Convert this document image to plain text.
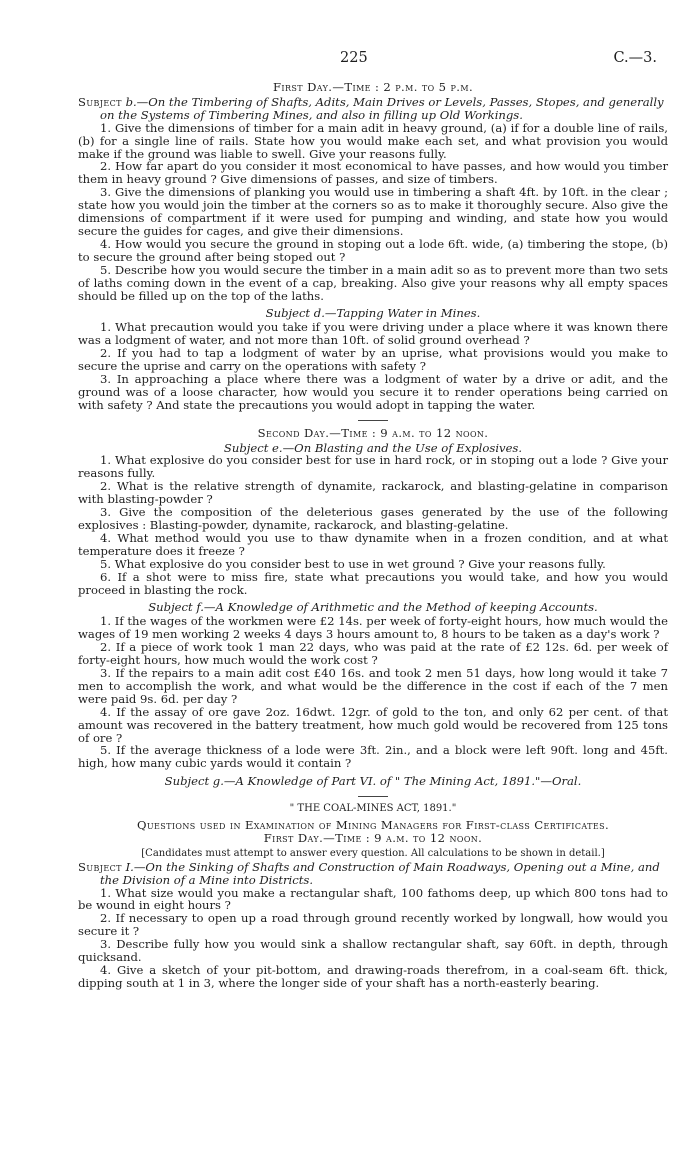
225	C.—3.

First Day.—Time : 2 p.m. to 5 p.m.

Subject b.—On the Timbering of Shafts, Adits, Main Drives or Levels, Passes, Stopes, and generally on the Systems of Timbering Mines, and also in filling up Old Workings.

1. Give the dimensions of timber for a main adit in heavy ground, (a) if for a double line of rails, (b) for a single line of rails. State how you would make each set, and what provision you would make if the ground was liable to swell. Give your reasons fully.

2. How far apart do you consider it most economical to have passes, and how would you timber them in heavy ground ? Give dimensions of passes, and size of timbers.

3. Give the dimensions of planking you would use in timbering a shaft 4ft. by 10ft. in the clear ; state how you would join the timber at the corners so as to make it thoroughly secure. Also give the dimensions of compartment if it were used for pumping and winding, and state how you would secure the guides for cages, and give their dimensions.

4. How would you secure the ground in stoping out a lode 6ft. wide, (a) timbering the stope, (b) to secure the ground after being stoped out ?

5. Describe how you would secure the timber in a main adit so as to prevent more than two sets of laths coming down in the event of a cap, breaking. Also give your reasons why all empty spaces should be filled up on the top of the laths.

Subject d.—Tapping Water in Mines.

1. What precaution would you take if you were driving under a place where it was known there was a lodgment of water, and not more than 10ft. of solid ground overhead ?

2. If you had to tap a lodgment of water by an uprise, what provisions would you make to secure the uprise and carry on the operations with safety ?

3. In approaching a place where there was a lodgment of water by a drive or adit, and the ground was of a loose character, how would you secure it to render operations being carried on with safety ? And state the precautions you would adopt in tapping the water.

Second Day.—Time : 9 a.m. to 12 noon.

Subject e.—On Blasting and the Use of Explosives.

1. What explosive do you consider best for use in hard rock, or in stoping out a lode ? Give your reasons fully.

2. What is the relative strength of dynamite, rackarock, and blasting-gelatine in comparison with blasting-powder ?

3. Give the composition of the deleterious gases generated by the use of the following explosives : Blasting-powder, dynamite, rackarock, and blasting-gelatine.

4. What method would you use to thaw dynamite when in a frozen condition, and at what temperature does it freeze ?

5. What explosive do you consider best to use in wet ground ? Give your reasons fully.

6. If a shot were to miss fire, state what precautions you would take, and how you would proceed in blasting the rock.

Subject f.—A Knowledge of Arithmetic and the Method of keeping Accounts.

1. If the wages of the workmen were £2 14s. per week of forty-eight hours, how much would the wages of 19 men working 2 weeks 4 days 3 hours amount to, 8 hours to be taken as a day's work ?

2. If a piece of work took 1 man 22 days, who was paid at the rate of £2 12s. 6d. per week of forty-eight hours, how much would the work cost ?

3. If the repairs to a main adit cost £40 16s. and took 2 men 51 days, how long would it take 7 men to accomplish the work, and what would be the difference in the cost if each of the 7 men were paid 9s. 6d. per day ?

4. If the assay of ore gave 2oz. 16dwt. 12gr. of gold to the ton, and only 62 per cent. of that amount was recovered in the battery treatment, how much gold would be recovered from 125 tons of ore ?

5. If the average thickness of a lode were 3ft. 2in., and a block were left 90ft. long and 45ft. high, how many cubic yards would it contain ?

Subject g.—A Knowledge of Part VI. of " The Mining Act, 1891."—Oral.

" THE COAL-MINES ACT, 1891."

Questions used in Examination of Mining Managers for First-class Certificates.

First Day.—Time : 9 a.m. to 12 noon.

[Candidates must attempt to answer every question. All calculations to be shown in detail.]

Subject I.—On the Sinking of Shafts and Construction of Main Roadways, Opening out a Mine, and the Division of a Mine into Districts.

1. What size would you make a rectangular shaft, 100 fathoms deep, up which 800 tons had to be wound in eight hours ?

2. If necessary to open up a road through ground recently worked by longwall, how would you secure it ?

3. Describe fully how you would sink a shallow rectangular shaft, say 60ft. in depth, through quicksand.

4. Give a sketch of your pit-bottom, and drawing-roads therefrom, in a coal-seam 6ft. thick, dipping south at 1 in 3, where the longer side of your shaft has a north-easterly bearing.
